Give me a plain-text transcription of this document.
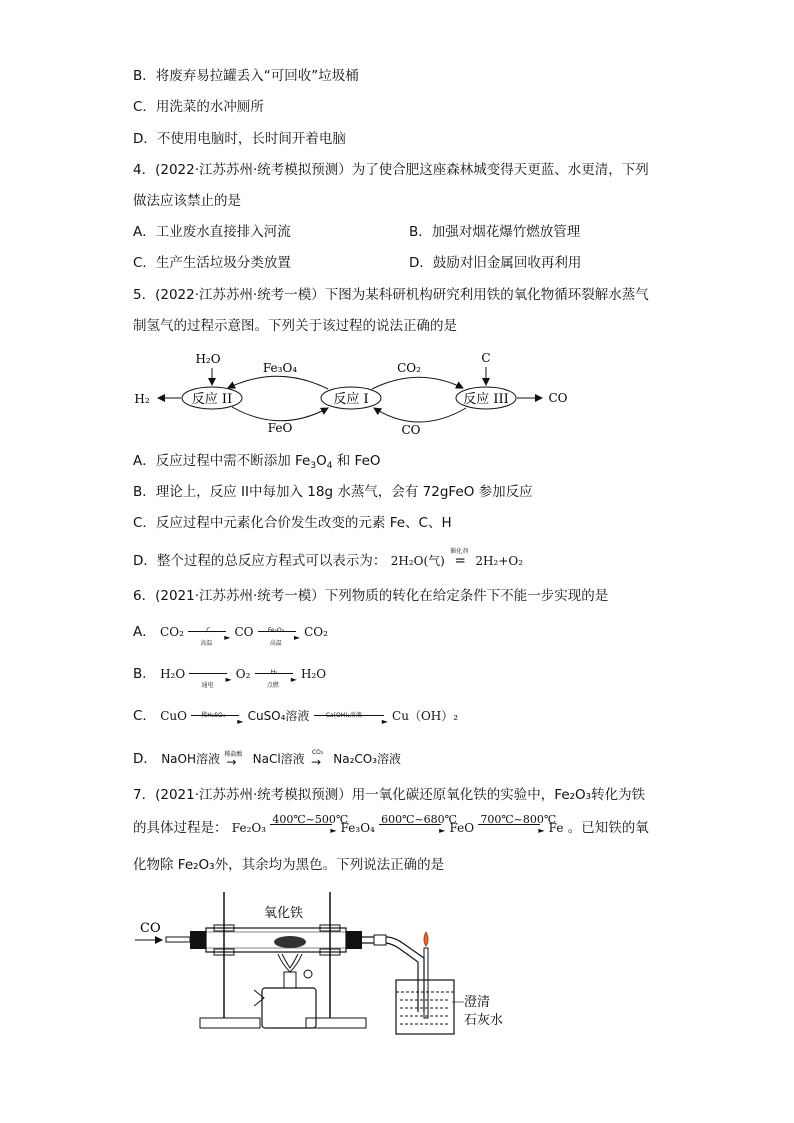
B．将废弃易拉罐丢入“可回收”垃圾桶
C．用洗菜的水冲厕所
D．不使用电脑时，长时间开着电脑
4．(2022·江苏苏州·统考模拟预测）为了使合肥这座森林城变得天更蓝、水更清，下列
做法应该禁止的是
A．工业废水直接排入河流	B．加强对烟花爆竹燃放管理
C．生产生活垃圾分类放置	D．鼓励对旧金属回收再利用
5．(2022·江苏苏州·统考一模）下图为某科研机构研究利用铁的氧化物循环裂解水蒸气
制氢气的过程示意图。下列关于该过程的说法正确的是
反应 II	反应 I	反应 III
H₂O
H₂
Fe₃O₄
FeO
CO₂
CO
C
CO
A．反应过程中需不断添加 $Fe_3O_4$ 和 FeO
B．理论上，反应 II中每加入 18g 水蒸气，会有 72gFeO 参加反应
C．反应过程中元素化合价发生改变的元素 Fe、C、H
D．整个过程的总反应方程式可以表示为： 2H₂O(气)
催化剂
= 2H₂+O₂
6．(2021·江苏苏州·统考一模）下列物质的转化在给定条件下不能一步实现的是
A． CO₂	C
►
高温
CO Fe₂O₃
►
高温
CO₂
B． H₂O	►
通电
O₂	H₂
►
点燃
H₂O
C． CuO 稀H₂SO₄
► CuSO₄溶液	Ca(OH)₂溶液
► Cu（OH）₂
D． NaOH溶液 稀盐酸
→ NaCl溶液 CO₂
→ Na₂CO₃溶液
7．(2021·江苏苏州·统考模拟预测）用一氧化碳还原氧化铁的实验中，Fe₂O₃转化为铁
的具体过程是： Fe₂O₃
400℃~500℃
► Fe₃O₄
600℃~680℃
► FeO
700℃~800℃
► Fe 。已知铁的氧
化物除 Fe₂O₃外，其余均为黑色。下列说法正确的是
CO
氧化铁
澄清
石灰水
